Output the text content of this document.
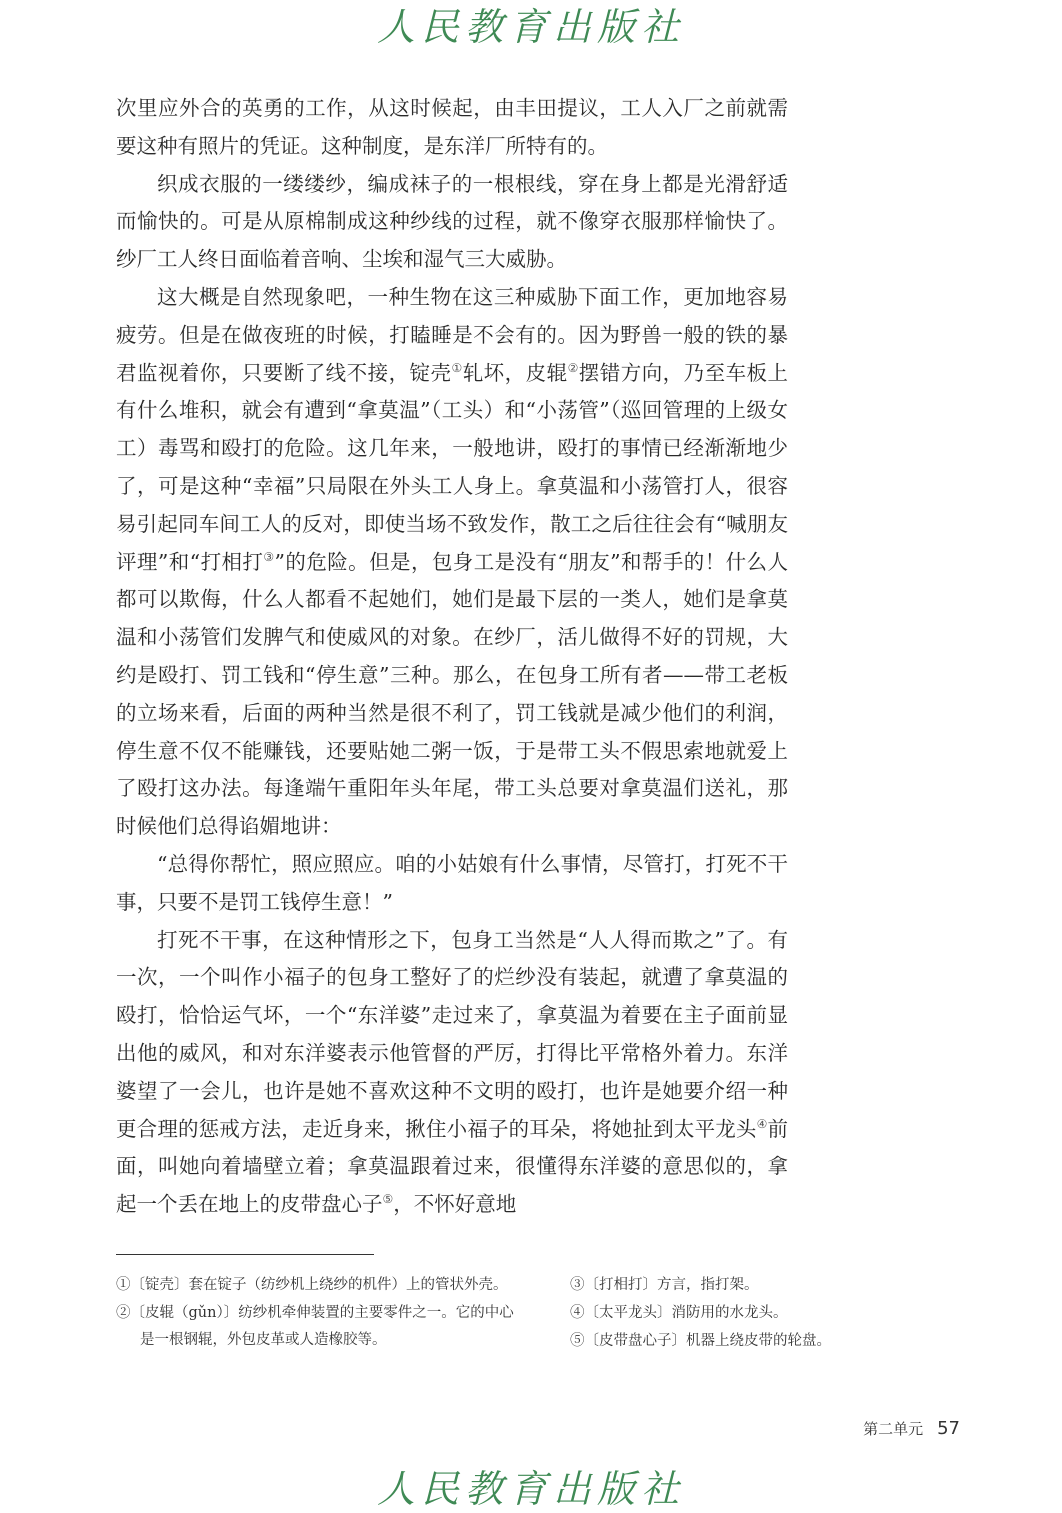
人民教育出版社

次里应外合的英勇的工作，从这时候起，由丰田提议，工人入厂之前就需要这种有照片的凭证。这种制度，是东洋厂所特有的。

织成衣服的一缕缕纱，编成袜子的一根根线，穿在身上都是光滑舒适而愉快的。可是从原棉制成这种纱线的过程，就不像穿衣服那样愉快了。纱厂工人终日面临着音响、尘埃和湿气三大威胁。

这大概是自然现象吧，一种生物在这三种威胁下面工作，更加地容易疲劳。但是在做夜班的时候，打瞌睡是不会有的。因为野兽一般的铁的暴君监视着你，只要断了线不接，锭壳①轧坏，皮辊②摆错方向，乃至车板上有什么堆积，就会有遭到“拿莫温”（工头）和“小荡管”（巡回管理的上级女工）毒骂和殴打的危险。这几年来，一般地讲，殴打的事情已经渐渐地少了，可是这种“幸福”只局限在外头工人身上。拿莫温和小荡管打人，很容易引起同车间工人的反对，即使当场不致发作，散工之后往往会有“喊朋友评理”和“打相打③”的危险。但是，包身工是没有“朋友”和帮手的！什么人都可以欺侮，什么人都看不起她们，她们是最下层的一类人，她们是拿莫温和小荡管们发脾气和使威风的对象。在纱厂，活儿做得不好的罚规，大约是殴打、罚工钱和“停生意”三种。那么，在包身工所有者——带工老板的立场来看，后面的两种当然是很不利了，罚工钱就是减少他们的利润，停生意不仅不能赚钱，还要贴她二粥一饭，于是带工头不假思索地就爱上了殴打这办法。每逢端午重阳年头年尾，带工头总要对拿莫温们送礼，那时候他们总得谄媚地讲：

“总得你帮忙，照应照应。咱的小姑娘有什么事情，尽管打，打死不干事，只要不是罚工钱停生意！”

打死不干事，在这种情形之下，包身工当然是“人人得而欺之”了。有一次，一个叫作小福子的包身工整好了的烂纱没有装起，就遭了拿莫温的殴打，恰恰运气坏，一个“东洋婆”走过来了，拿莫温为着要在主子面前显出他的威风，和对东洋婆表示他管督的严厉，打得比平常格外着力。东洋婆望了一会儿，也许是她不喜欢这种不文明的殴打，也许是她要介绍一种更合理的惩戒方法，走近身来，揪住小福子的耳朵，将她扯到太平龙头④前面，叫她向着墙壁立着；拿莫温跟着过来，很懂得东洋婆的意思似的，拿起一个丢在地上的皮带盘心子⑤，不怀好意地

①〔锭壳〕套在锭子（纺纱机上绕纱的机件）上的管状外壳。
②〔皮辊（gǔn）〕纺纱机牵伸装置的主要零件之一。它的中心是一根钢辊，外包皮革或人造橡胶等。
③〔打相打〕方言，指打架。
④〔太平龙头〕消防用的水龙头。
⑤〔皮带盘心子〕机器上绕皮带的轮盘。
第二单元 57
人民教育出版社
